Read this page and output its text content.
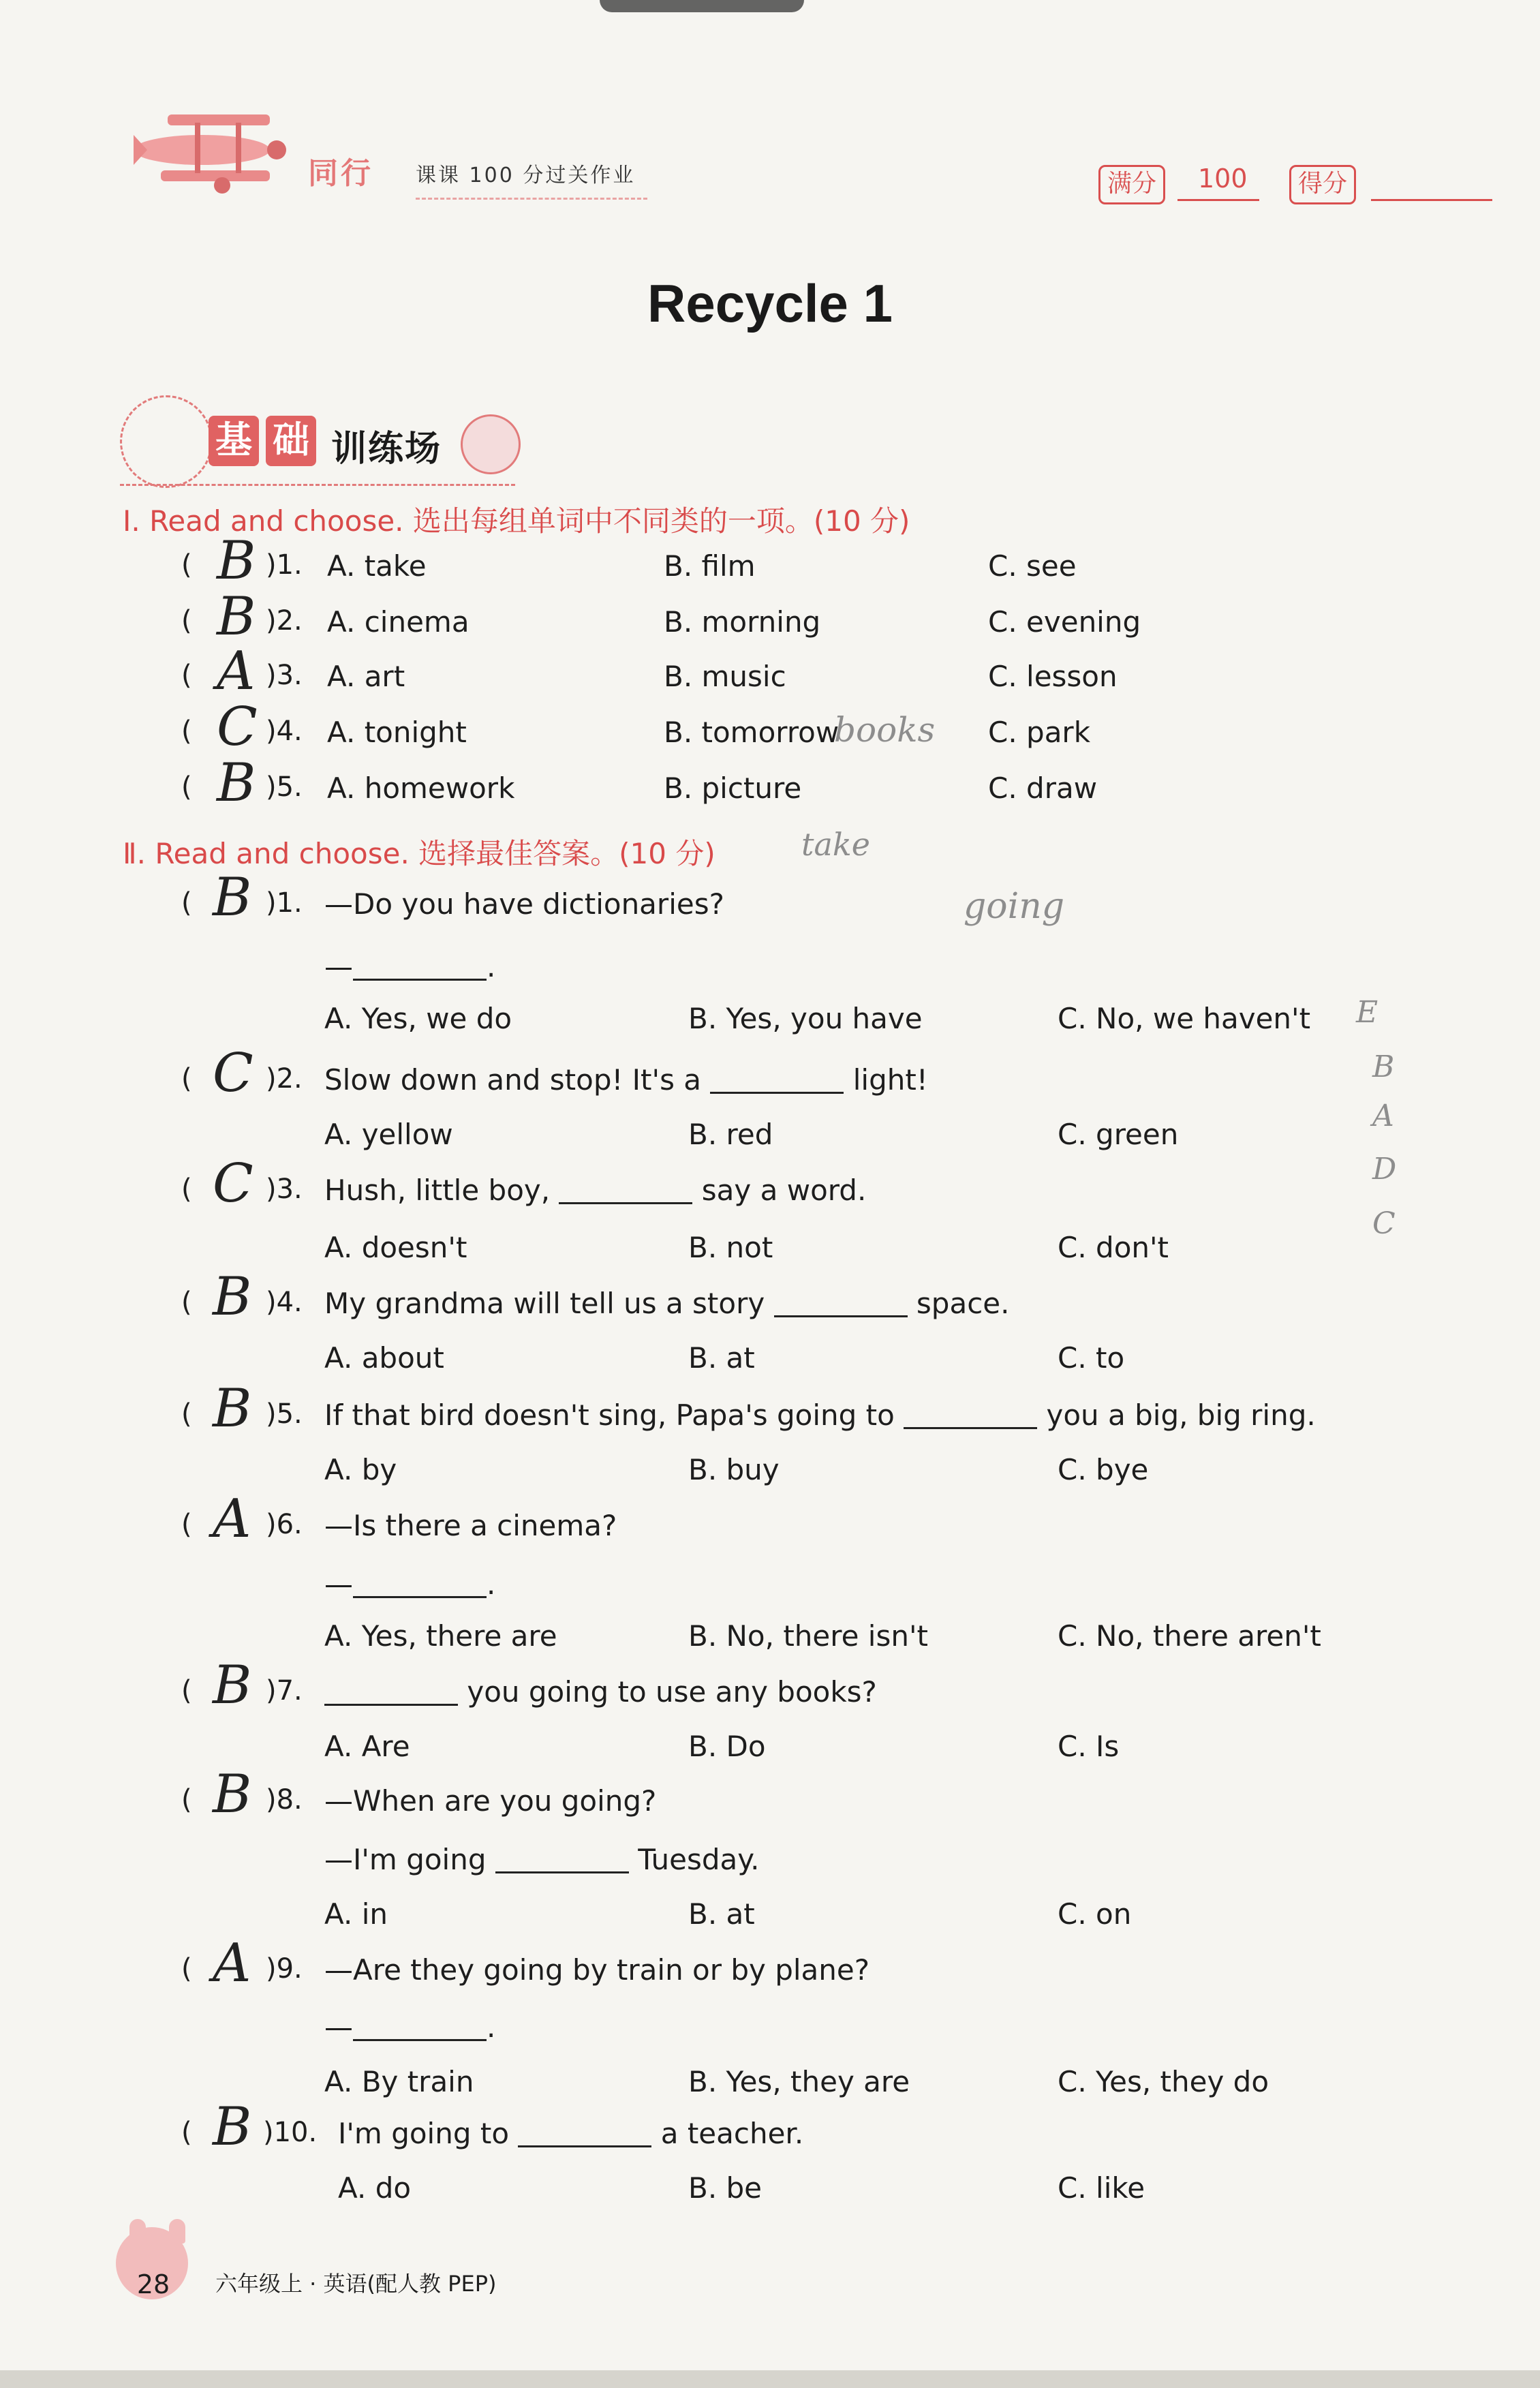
同行 课课 100 分过关作业	满分	100	得分
Recycle 1
基 础 训练场
Ⅰ. Read and choose. 选出每组单词中不同类的一项。(10 分)
( B )1. A. take	B. film	C. see
( B )2. A. cinema	B. morning	C. evening
( A )3. A. art	B. music	C. lesson
( C )4. A. tonight	B. tomorrow	C. park
( B )5. A. homework	B. picture	C. draw
Ⅱ. Read and choose. 选择最佳答案。(10 分)
( B )1. —Do you have dictionaries?
—	.
A. Yes, we do	B. Yes, you have	C. No, we haven't
( C )2. Slow down and stop! It's a	light!
A. yellow	B. red	C. green
( C )3. Hush, little boy,	say a word.
A. doesn't	B. not	C. don't
( B )4. My grandma will tell us a story	space.
A. about	B. at	C. to
( B )5. If that bird doesn't sing, Papa's going to	you a big, big ring.
A. by	B. buy	C. bye
( A )6. —Is there a cinema?
—	.
A. Yes, there are	B. No, there isn't	C. No, there aren't
( B )7.	you going to use any books?
A. Are	B. Do	C. Is
( B )8. —When are you going?
—I'm going	Tuesday.
A. in	B. at	C. on
( A )9. —Are they going by train or by plane?
—	.
A. By train	B. Yes, they are	C. Yes, they do
( B )10. I'm going to	a teacher.
A. do	B. be	C. like
books
take
going
E
B
A
D
C
28	六年级上 · 英语(配人教 PEP)
